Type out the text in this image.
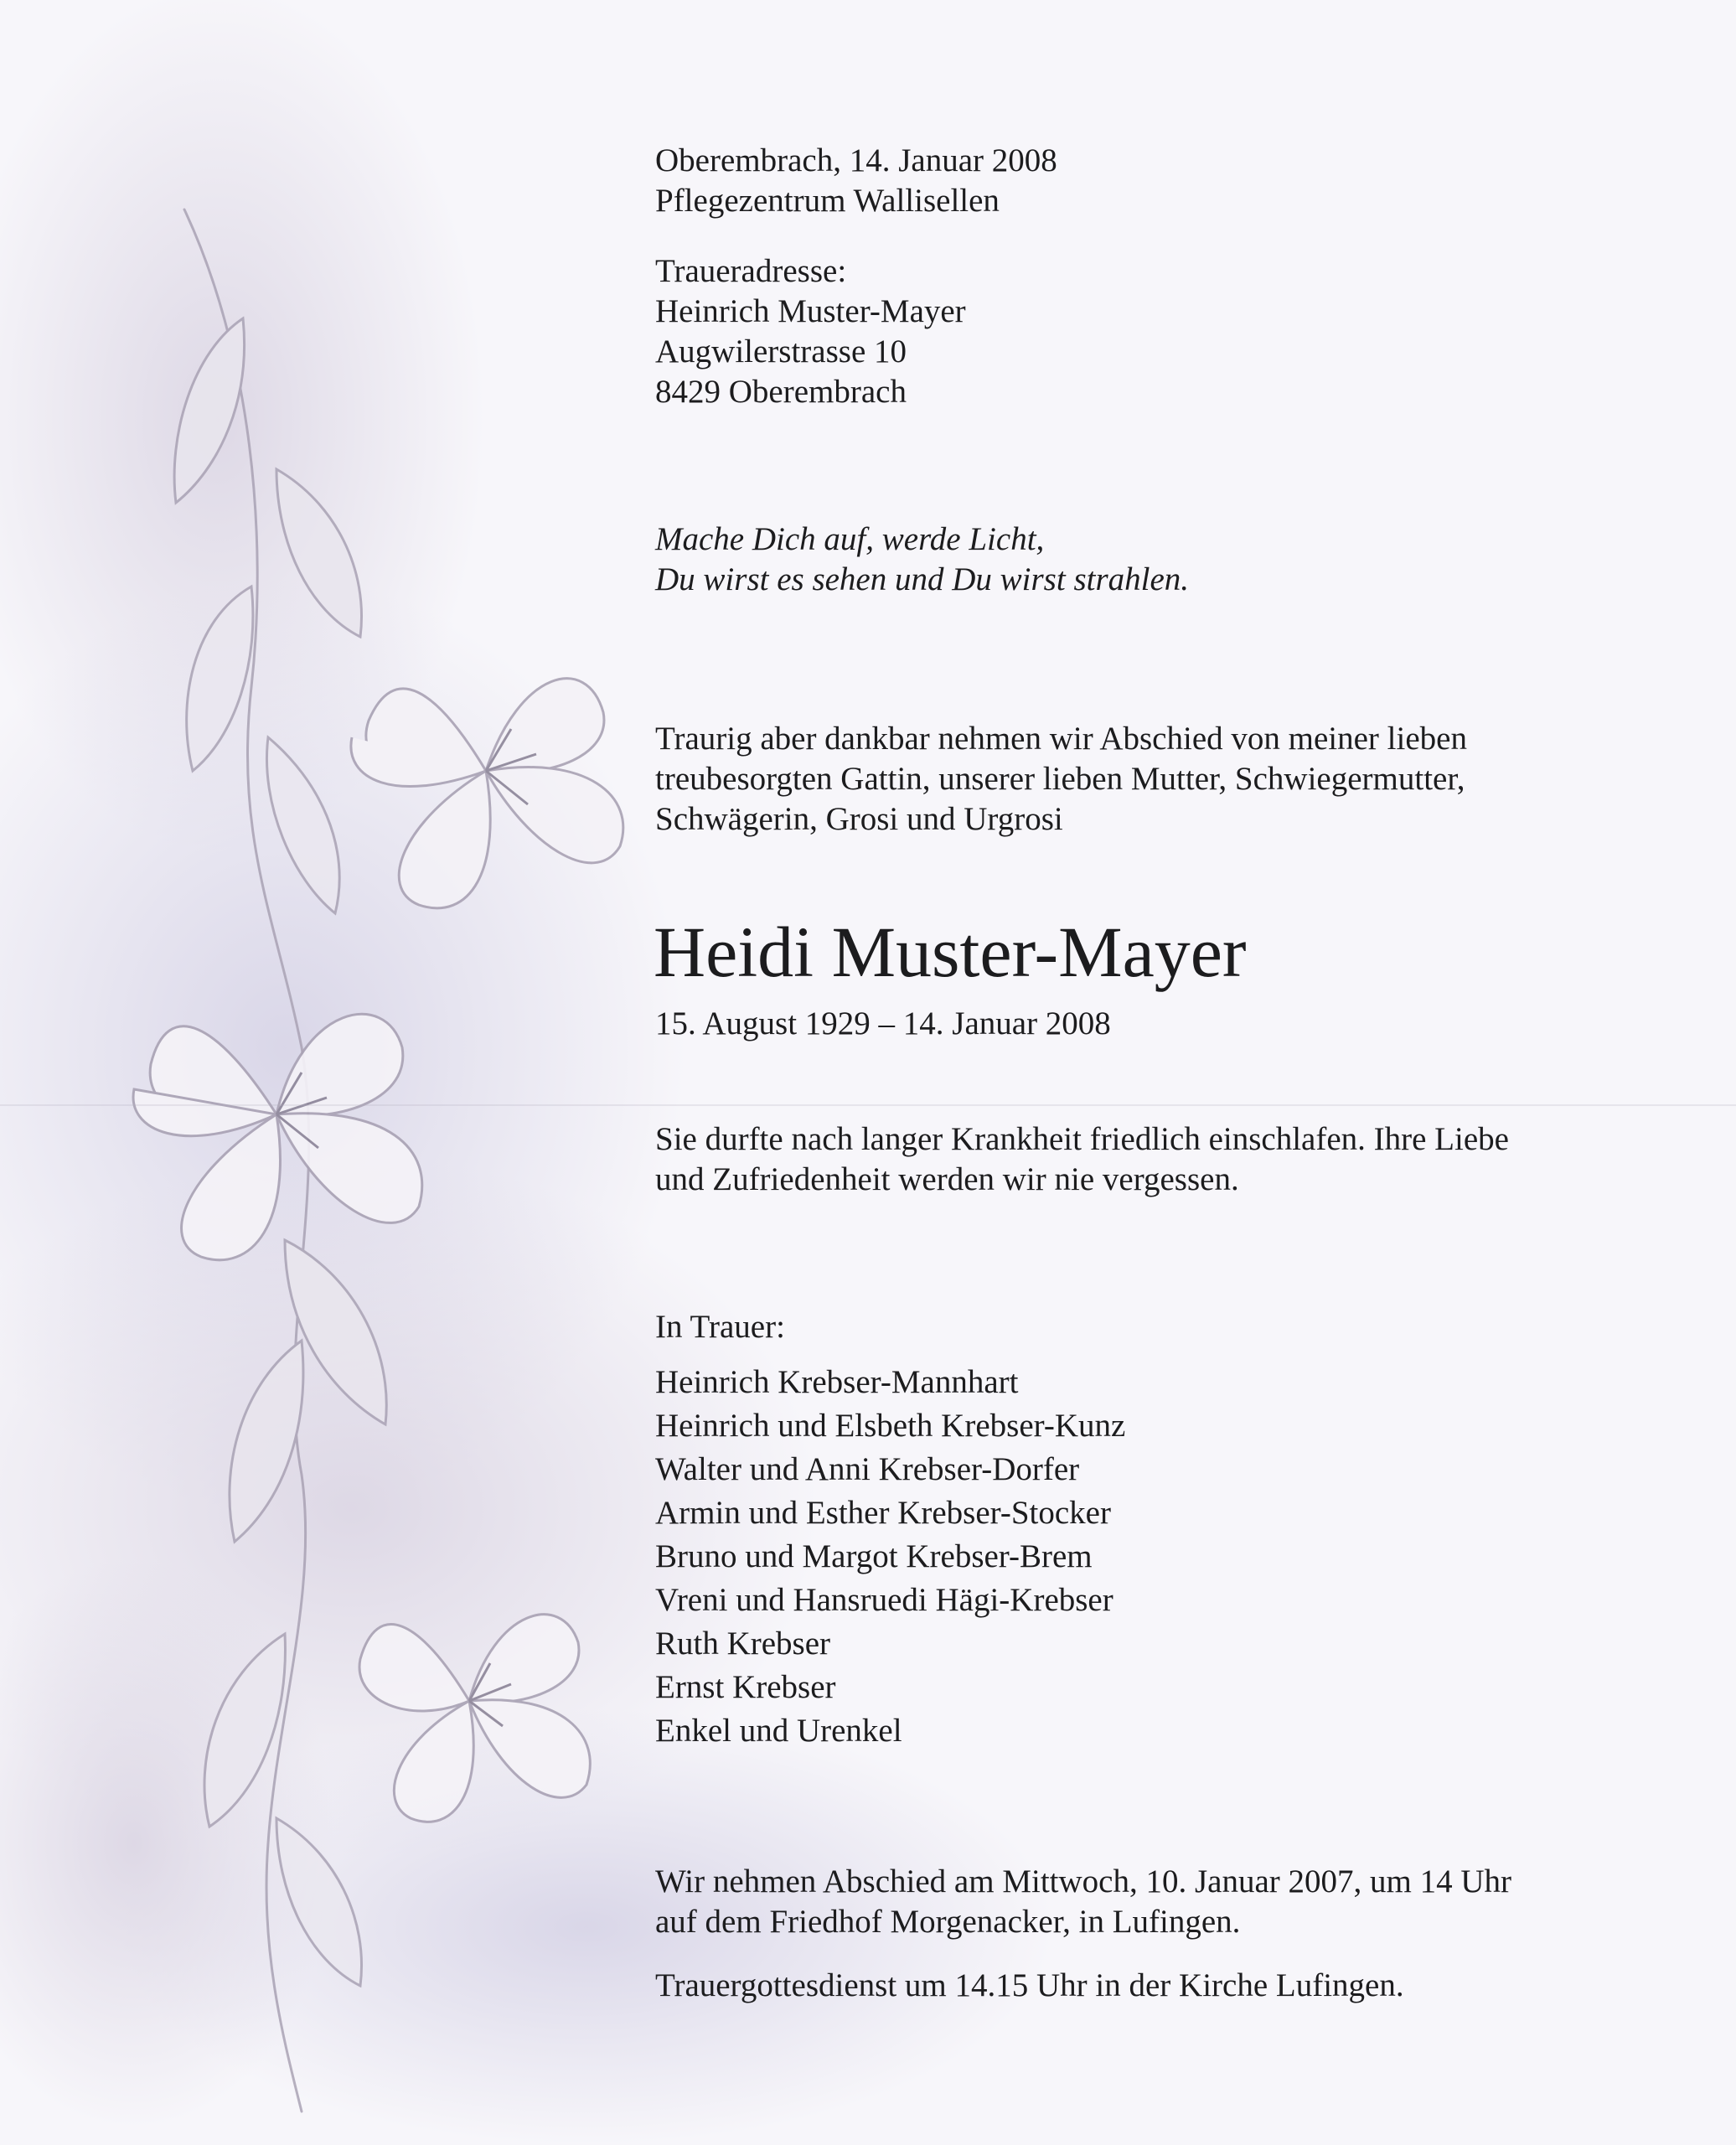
Oberembrach, 14. Januar 2008
Pflegezentrum Wallisellen
Traueradresse:
Heinrich Muster-Mayer
Augwilerstrasse 10
8429 Oberembrach
Mache Dich auf, werde Licht,
Du wirst es sehen und Du wirst strahlen.
Traurig aber dankbar nehmen wir Abschied von meiner lieben
treubesorgten Gattin, unserer lieben Mutter, Schwiegermutter,
Schwägerin, Grosi und Urgrosi
Heidi Muster-Mayer
15. August 1929 – 14. Januar 2008
Sie durfte nach langer Krankheit friedlich einschlafen. Ihre Liebe
und Zufriedenheit werden wir nie vergessen.
In Trauer:
Heinrich Krebser-Mannhart
Heinrich und Elsbeth Krebser-Kunz
Walter und Anni Krebser-Dorfer
Armin und Esther Krebser-Stocker
Bruno und Margot Krebser-Brem
Vreni und Hansruedi Hägi-Krebser
Ruth Krebser
Ernst Krebser
Enkel und Urenkel
Wir nehmen Abschied am Mittwoch, 10. Januar 2007, um 14 Uhr
auf dem Friedhof Morgenacker, in Lufingen.
Trauergottesdienst um 14.15 Uhr in der Kirche Lufingen.
